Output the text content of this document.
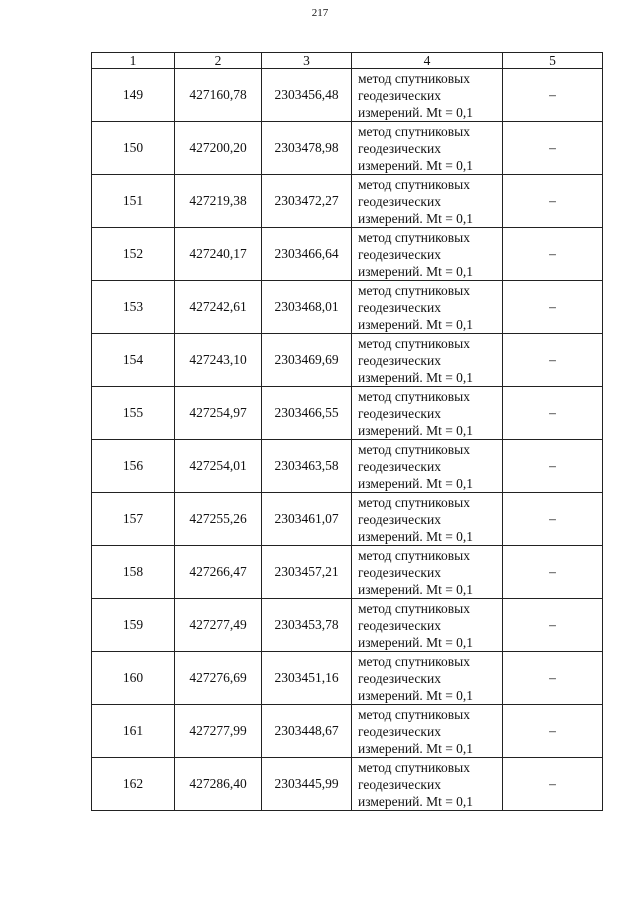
217
1	2	3	4	5
149	427160,78	2303456,48	метод спутниковых
геодезических
измерений. Mt = 0,1	–
150	427200,20	2303478,98	метод спутниковых
геодезических
измерений. Mt = 0,1	–
151	427219,38	2303472,27	метод спутниковых
геодезических
измерений. Mt = 0,1	–
152	427240,17	2303466,64	метод спутниковых
геодезических
измерений. Mt = 0,1	–
153	427242,61	2303468,01	метод спутниковых
геодезических
измерений. Mt = 0,1	–
154	427243,10	2303469,69	метод спутниковых
геодезических
измерений. Mt = 0,1	–
155	427254,97	2303466,55	метод спутниковых
геодезических
измерений. Mt = 0,1	–
156	427254,01	2303463,58	метод спутниковых
геодезических
измерений. Mt = 0,1	–
157	427255,26	2303461,07	метод спутниковых
геодезических
измерений. Mt = 0,1	–
158	427266,47	2303457,21	метод спутниковых
геодезических
измерений. Mt = 0,1	–
159	427277,49	2303453,78	метод спутниковых
геодезических
измерений. Mt = 0,1	–
160	427276,69	2303451,16	метод спутниковых
геодезических
измерений. Mt = 0,1	–
161	427277,99	2303448,67	метод спутниковых
геодезических
измерений. Mt = 0,1	–
162	427286,40	2303445,99	метод спутниковых
геодезических
измерений. Mt = 0,1	–
